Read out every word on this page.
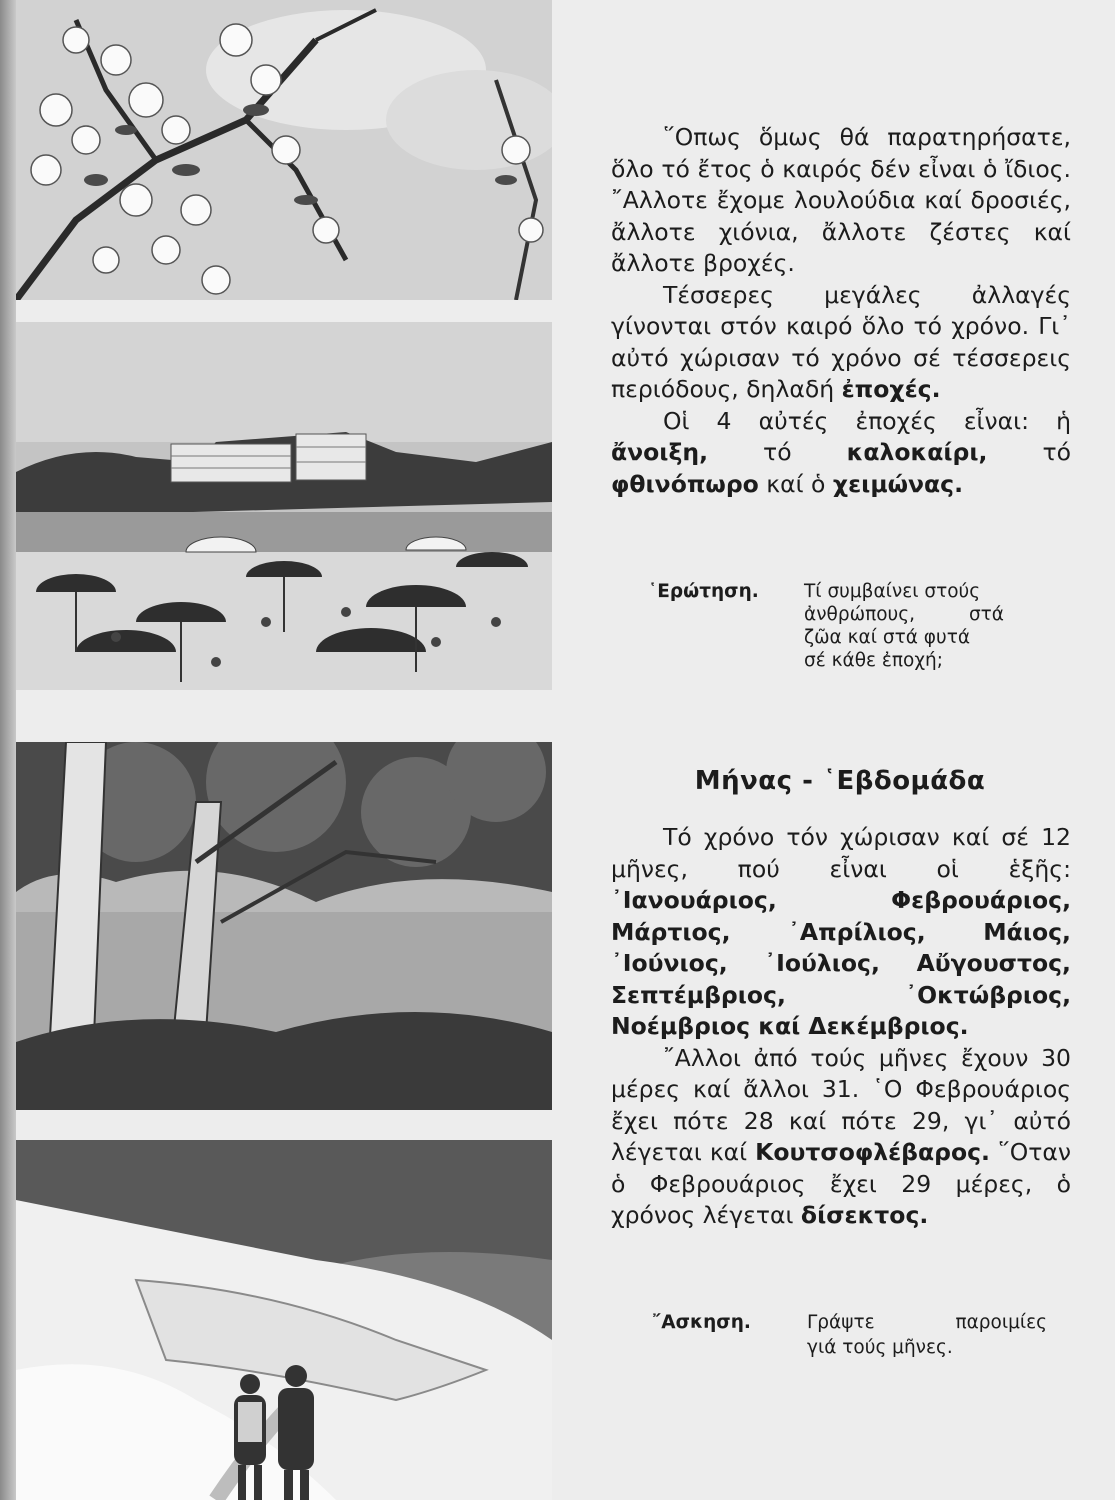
῞Οπως ὅμως θά παρατηρήσατε, ὅλο τό ἔτος ὁ καιρός δέν εἶναι ὁ ἴδιος. ῎Αλλοτε ἔχομε λουλούδια καί δροσιές, ἄλλοτε χιόνια, ἄλλοτε ζέστες καί ἄλλοτε βροχές.

Τέσσερες μεγάλες ἀλλαγές γίνονται στόν καιρό ὅλο τό χρόνο. Γι᾿ αὐτό χώρισαν τό χρόνο σέ τέσσερεις περιόδους, δηλαδή ἐποχές.

Οἱ 4 αὐτές ἐποχές εἶναι: ἡ ἄνοιξη, τό καλοκαίρι, τό φθινόπωρο καί ὁ χειμώνας.

῾Ερώτηση. Τί συμβαίνει στούς
ἀνθρώπους, στά
ζῶα καί στά φυτά
σέ κάθε ἐποχή;
Μήνας - ῾Εβδομάδα

Τό χρόνο τόν χώρισαν καί σέ 12 μῆνες, πού εἶναι οἱ ἑξῆς: ᾿Ιανουάριος, Φεβρουάριος, Μάρτιος, ᾿Απρίλιος, Μάιος, ᾿Ιούνιος, ᾿Ιούλιος, Αὔγουστος, Σεπτέμβριος, ᾿Οκτώβριος, Νοέμβριος καί Δεκέμβριος.

῎Αλλοι ἀπό τούς μῆνες ἔχουν 30 μέρες καί ἄλλοι 31. ῾Ο Φεβρουάριος ἔχει πότε 28 καί πότε 29, γι᾿ αὐτό λέγεται καί Κουτσοφλέβαρος. ῞Οταν ὁ Φεβρουάριος ἔχει 29 μέρες, ὁ χρόνος λέγεται δίσεκτος.

῎Ασκηση.	Γράψτε παροιμίες
γιά τούς μῆνες.
